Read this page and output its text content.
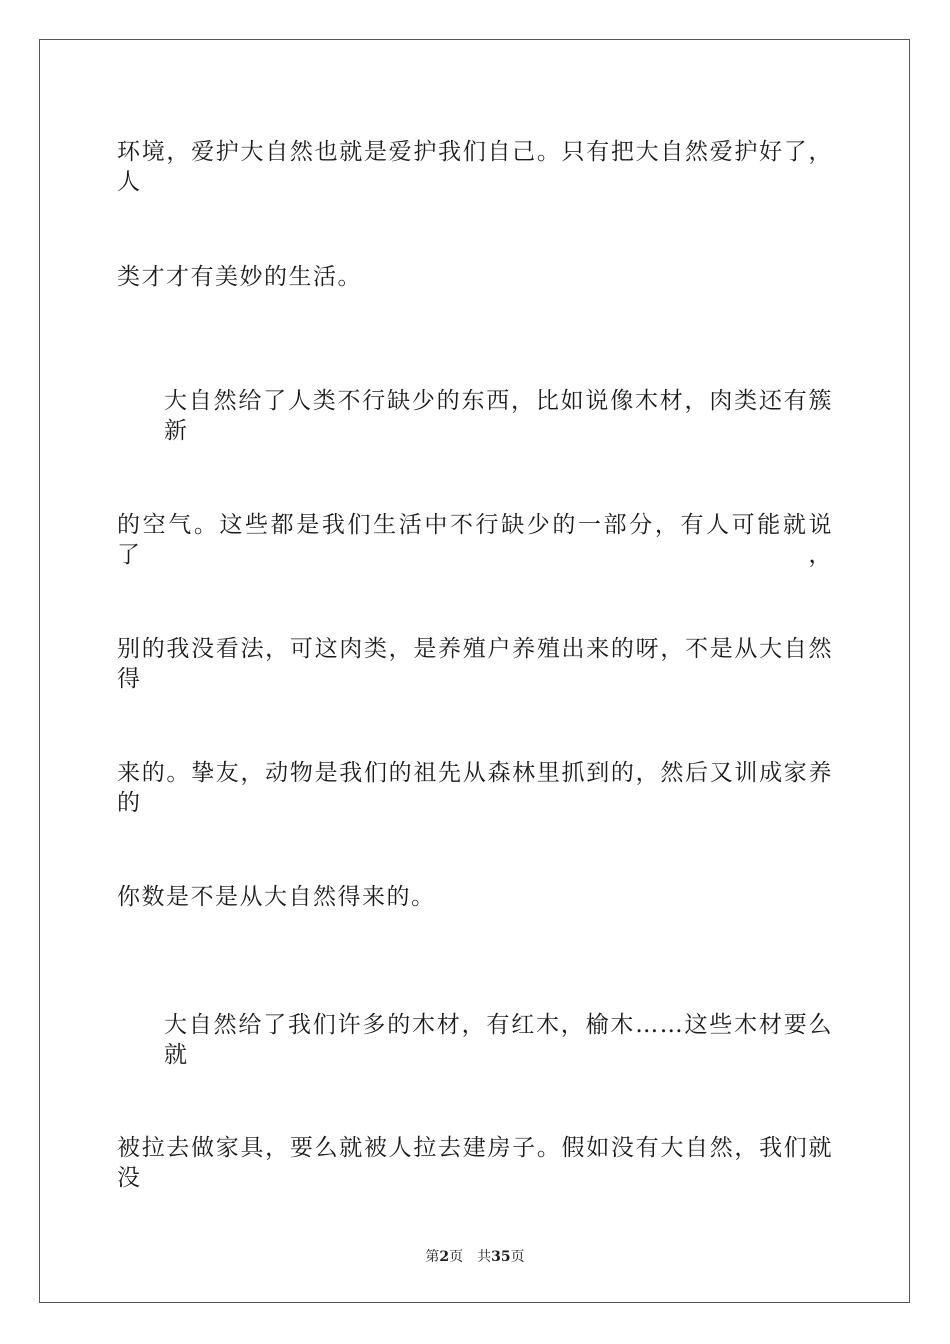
环境，爱护大自然也就是爱护我们自己。只有把大自然爱护好了，人
类才才有美妙的生活。
大自然给了人类不行缺少的东西，比如说像木材，肉类还有簇新
的空气。这些都是我们生活中不行缺少的一部分，有人可能就说了，
别的我没看法，可这肉类，是养殖户养殖出来的呀，不是从大自然得
来的。挚友，动物是我们的祖先从森林里抓到的，然后又训成家养的
你数是不是从大自然得来的。
大自然给了我们许多的木材，有红木，榆木……这些木材要么就
被拉去做家具，要么就被人拉去建房子。假如没有大自然，我们就没
第2页 共35页
